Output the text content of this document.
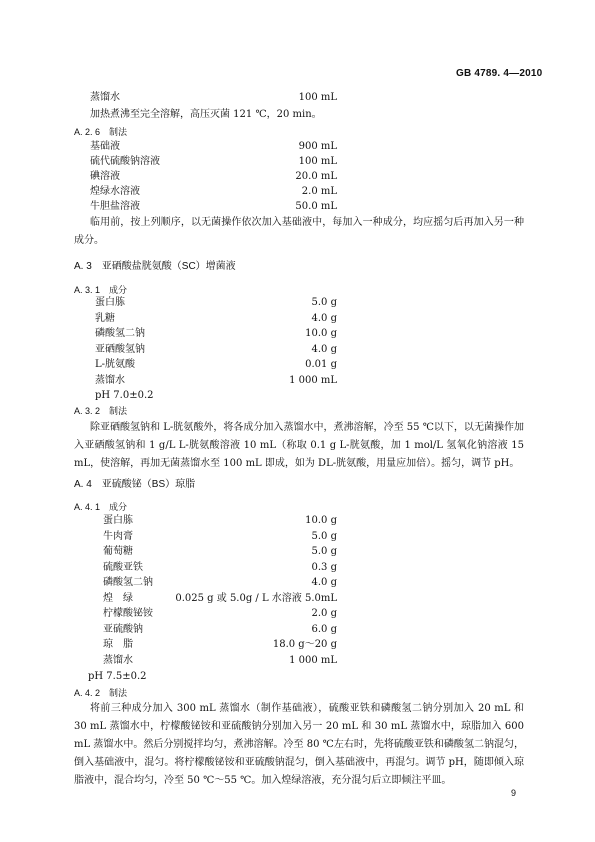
GB 4789. 4—2010
蒸馏水	100 mL
加热煮沸至完全溶解，高压灭菌 121 ℃，20 min。
A. 2. 6　制法
基础液	900 mL
硫代硫酸钠溶液	100 mL
碘溶液	20.0 mL
煌绿水溶液	2.0 mL
牛胆盐溶液	50.0 mL
临用前，按上列顺序，以无菌操作依次加入基础液中，每加入一种成分，均应摇匀后再加入另一种成分。
A. 3　亚硒酸盐胱氨酸（SC）增菌液
A. 3. 1　成分
蛋白胨	5.0 g
乳糖	4.0 g
磷酸氢二钠	10.0 g
亚硒酸氢钠	4.0 g
L-胱氨酸	0.01 g
蒸馏水	1 000 mL
pH 7.0±0.2
A. 3. 2　制法
除亚硒酸氢钠和 L-胱氨酸外，将各成分加入蒸馏水中，煮沸溶解，冷至 55 ℃以下，以无菌操作加入亚硒酸氢钠和 1 g/L L-胱氨酸溶液 10 mL（称取 0.1 g L-胱氨酸，加 1 mol/L 氢氧化钠溶液 15 mL，使溶解，再加无菌蒸馏水至 100 mL 即成，如为 DL-胱氨酸，用量应加倍）。摇匀，调节 pH。
A. 4　亚硫酸铋（BS）琼脂
A. 4. 1　成分
蛋白胨	10.0 g
牛肉膏	5.0 g
葡萄糖	5.0 g
硫酸亚铁	0.3 g
磷酸氢二钠	4.0 g
煌　绿	0.025 g 或 5.0g / L 水溶液 5.0mL
柠檬酸铋铵	2.0 g
亚硫酸钠	6.0 g
琼　脂	18.0 g～20 g
蒸馏水	1 000 mL
pH 7.5±0.2
A. 4. 2　制法
将前三种成分加入 300 mL 蒸馏水（制作基础液），硫酸亚铁和磷酸氢二钠分别加入 20 mL 和 30 mL 蒸馏水中，柠檬酸铋铵和亚硫酸钠分别加入另一 20 mL 和 30 mL 蒸馏水中，琼脂加入 600 mL 蒸馏水中。然后分别搅拌均匀，煮沸溶解。冷至 80 ℃左右时，先将硫酸亚铁和磷酸氢二钠混匀，倒入基础液中，混匀。将柠檬酸铋铵和亚硫酸钠混匀，倒入基础液中，再混匀。调节 pH，随即倾入琼脂液中，混合均匀，冷至 50 ℃～55 ℃。加入煌绿溶液，充分混匀后立即倾注平皿。
9
